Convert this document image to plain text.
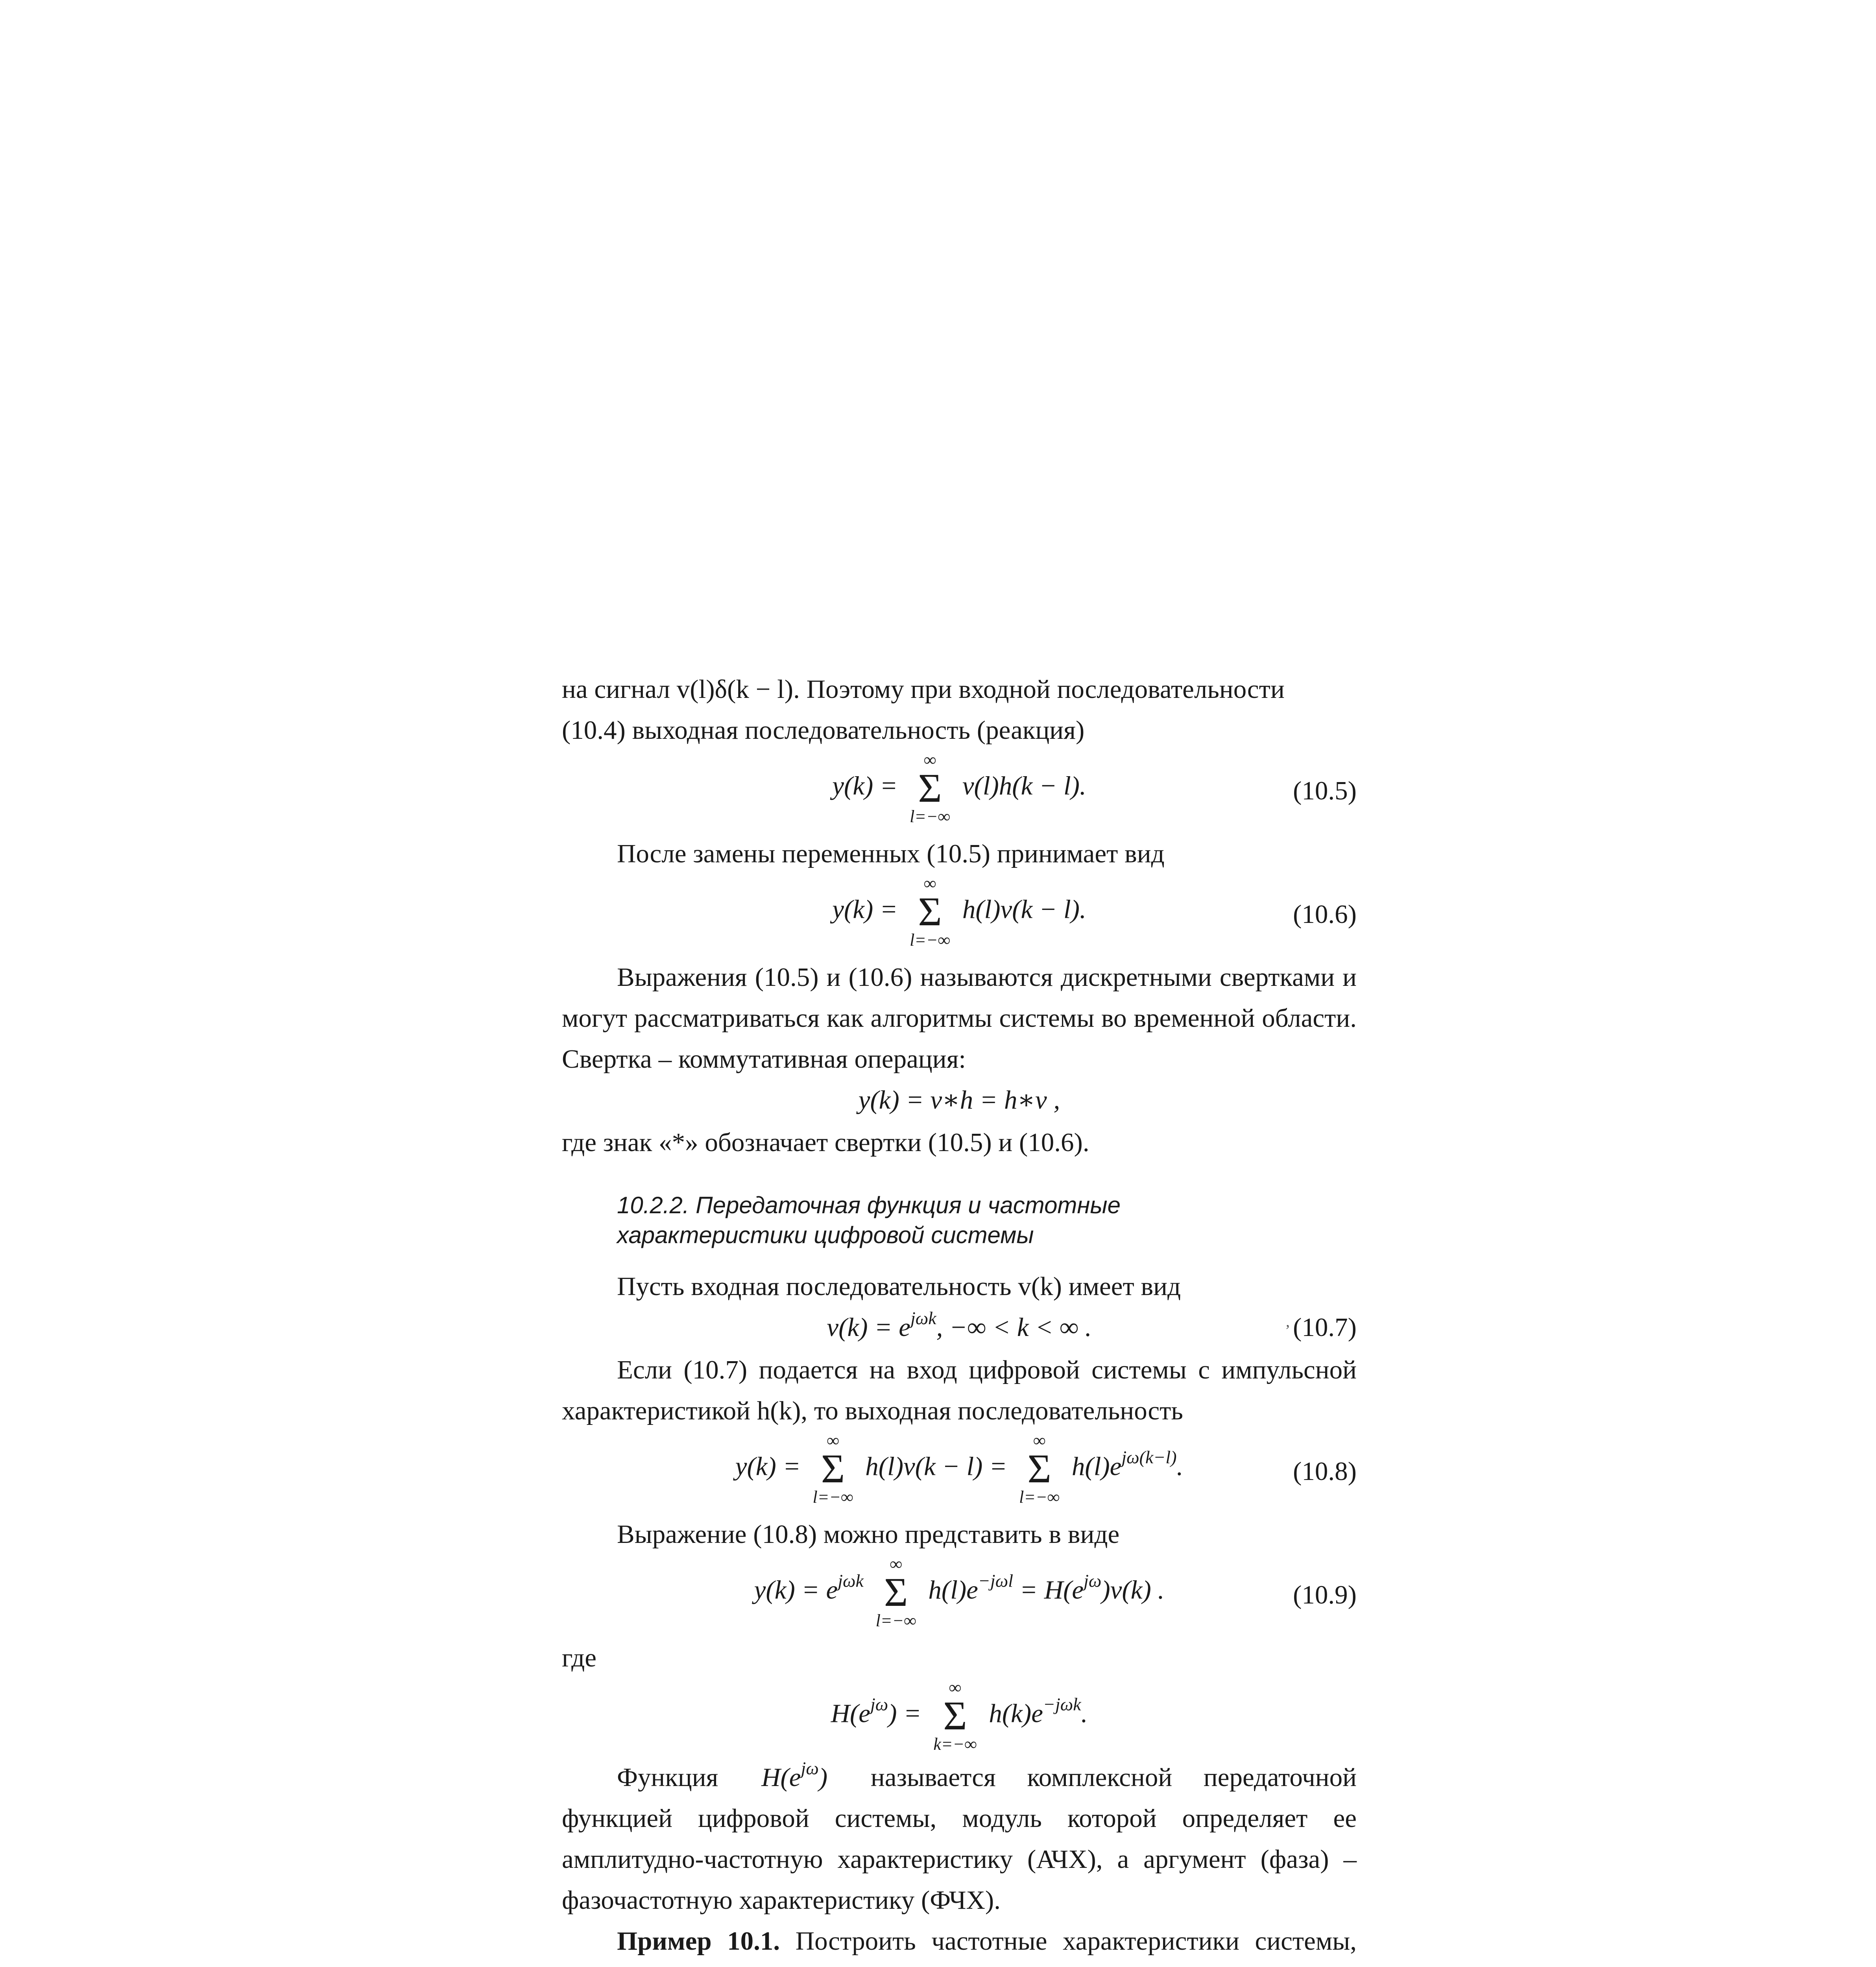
на сигнал v(l)δ(k − l). Поэтому при входной последовательности

(10.4) выходная последовательность (реакция)

y(k) =
∞
Σ
l=−∞
v(l)h(k − l).	(10.5)

После замены переменных (10.5) принимает вид

y(k) =
∞
Σ
l=−∞
h(l)v(k − l).	(10.6)

Выражения (10.5) и (10.6) называются дискретными свертками и могут рассматриваться как алгоритмы системы во временной области. Свертка – коммутативная операция:

y(k) = v∗h = h∗v ,

где знак «*» обозначает свертки (10.5) и (10.6).

10.2.2. Передаточная функция и частотные
характеристики цифровой системы

Пусть входная последовательность v(k) имеет вид

$v(k) = e^{j\omega k}$, −∞ < k < ∞ .	(10.7)

Если (10.7) подается на вход цифровой системы с импульсной характеристикой h(k), то выходная последовательность

y(k) =
∞
Σ
l=−∞
h(l)v(k − l) =
∞
Σ
l=−∞
$h(l)e^{j\omega(k-l)}$.	(10.8)

Выражение (10.8) можно представить в виде

$y(k) = e^{j\omega k}$
∞
Σ
l=−∞
$h(l)e^{-j\omega l} = H(e^{j\omega})v(k)$ .	(10.9)

где

$H(e^{j\omega})$ =
∞
Σ
k=−∞
$h(k)e^{-j\omega k}$.

Функция $H(e^{j\omega})$ называется комплексной передаточной функцией цифровой системы, модуль которой определяет ее амплитудно-частотную характеристику (АЧХ), а аргумент (фаза) – фазочастотную характеристику (ФЧХ).

Пример 10.1. Построить частотные характеристики системы,

,
